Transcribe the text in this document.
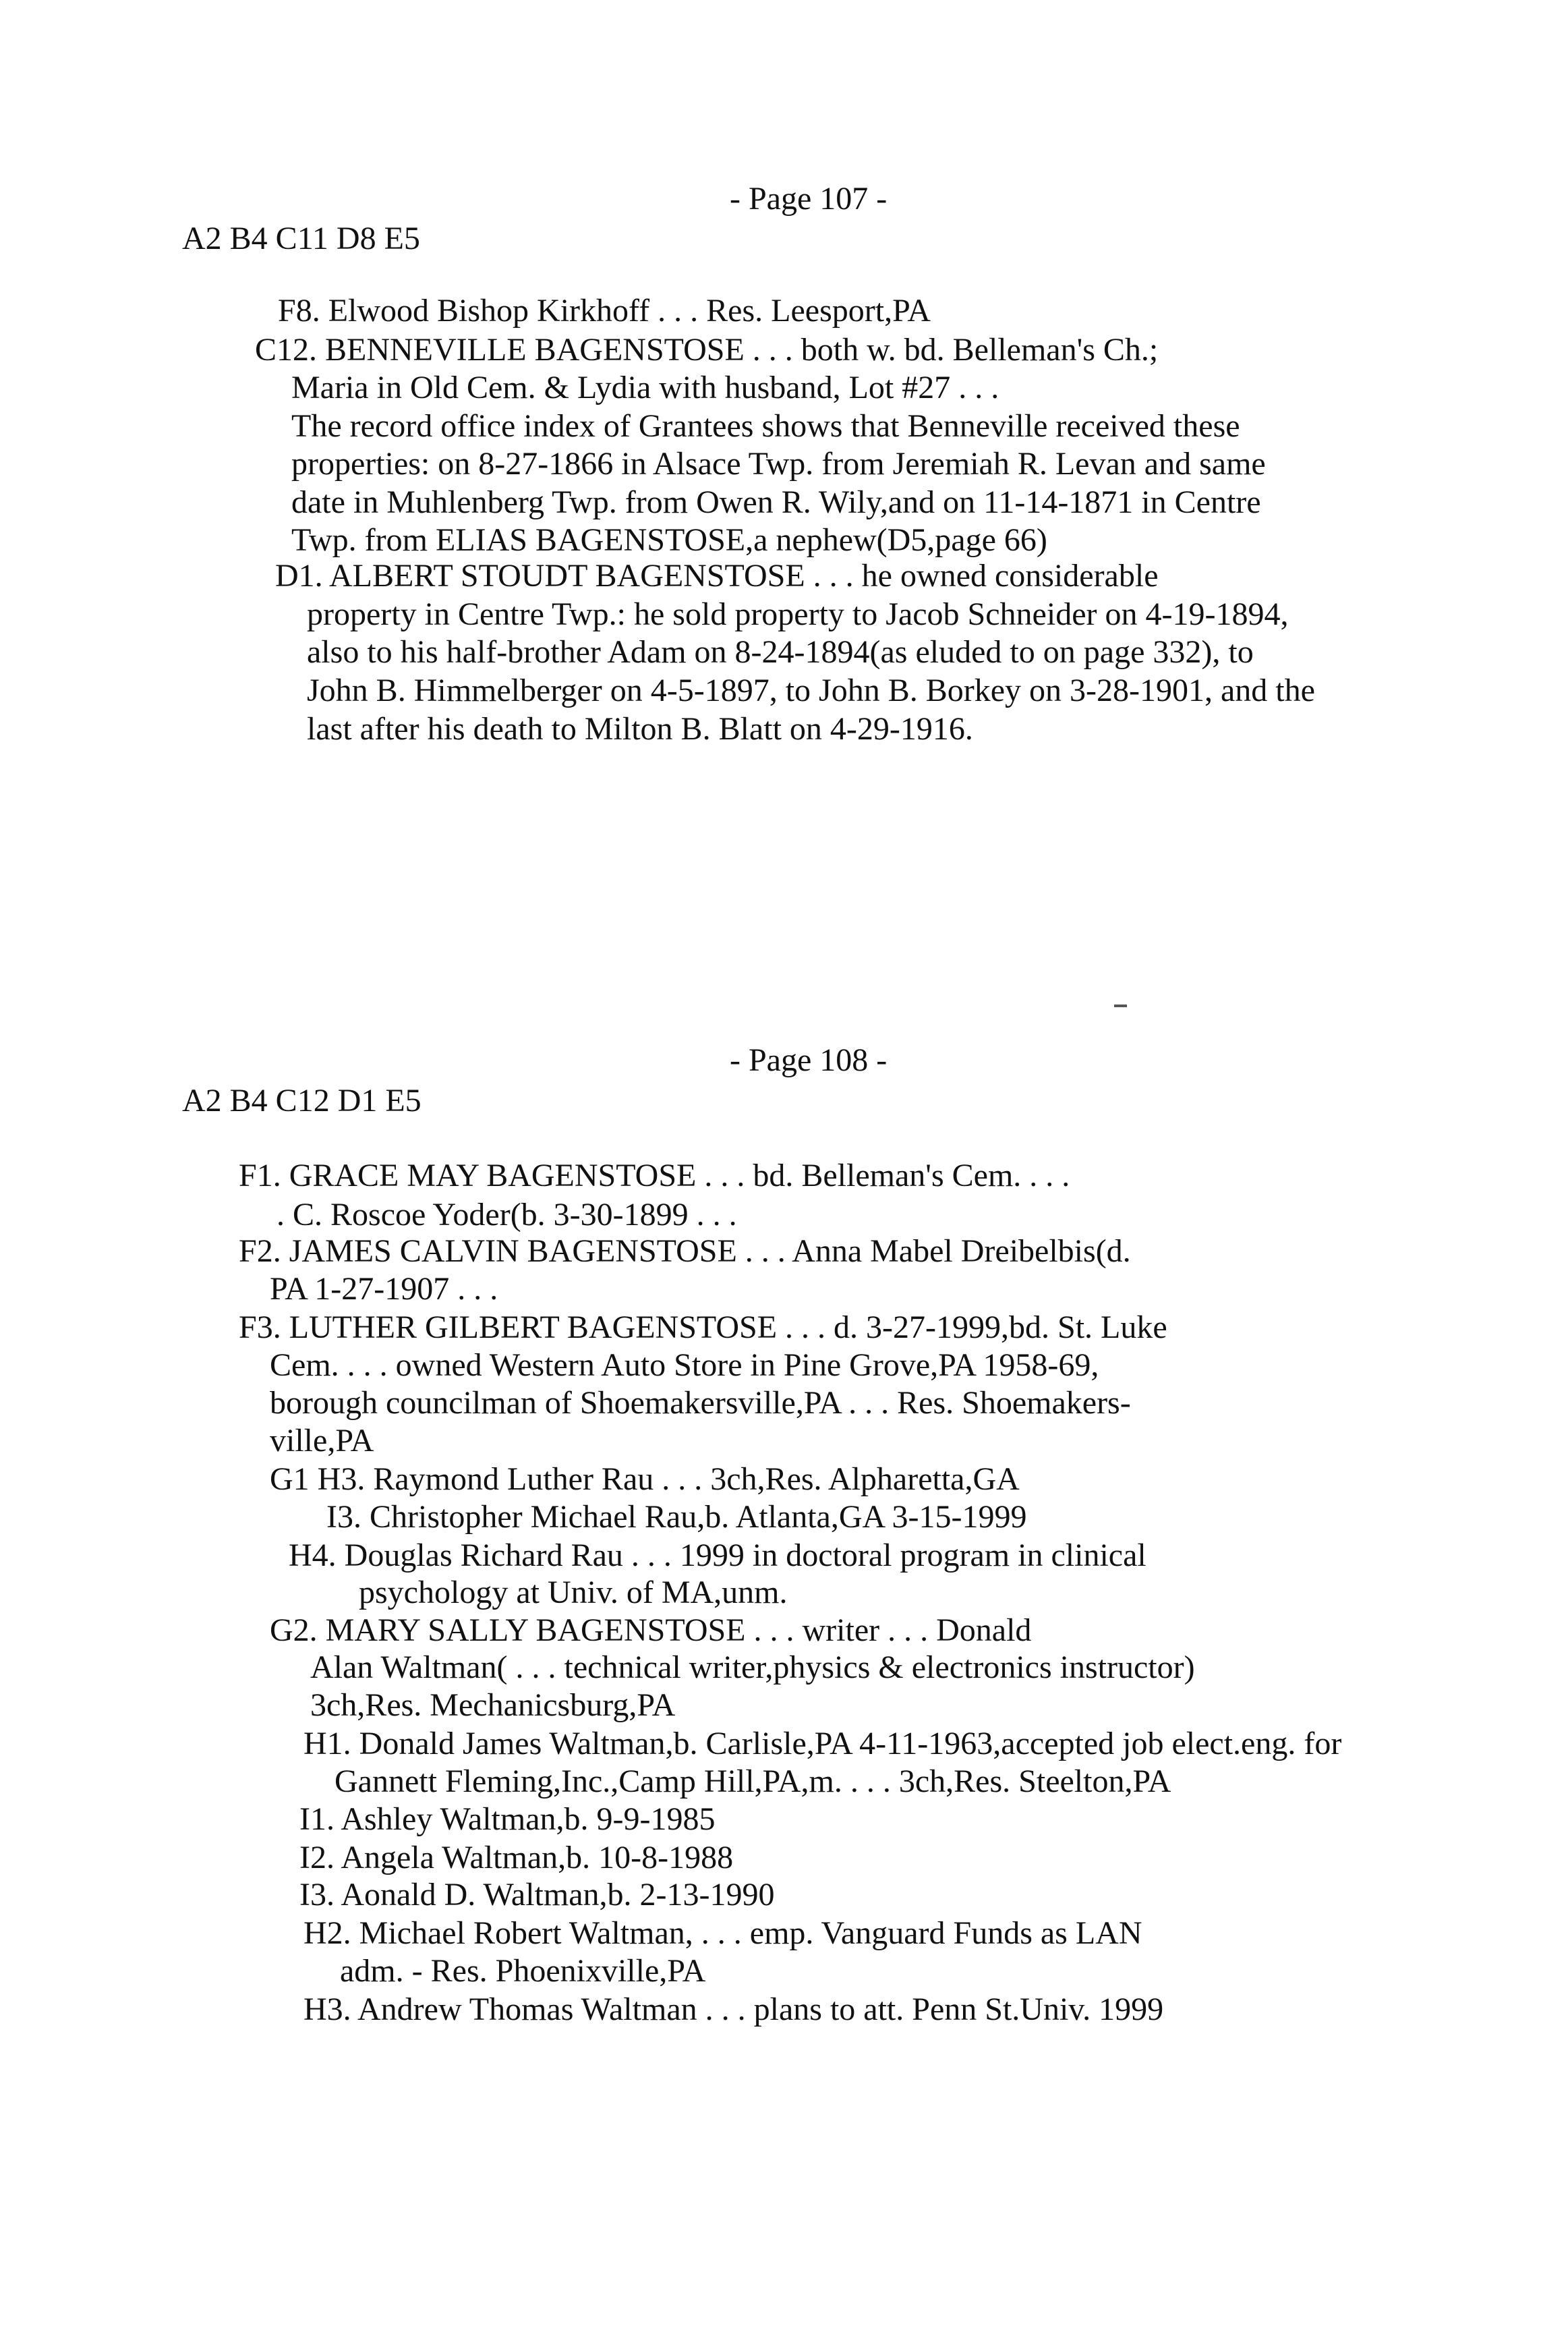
- Page 107 -
A2 B4 C11 D8 E5
F8. Elwood Bishop Kirkhoff . . . Res. Leesport,PA
C12. BENNEVILLE BAGENSTOSE . . . both w. bd. Belleman's Ch.;
Maria in Old Cem. & Lydia with husband, Lot #27 . . .
The record office index of Grantees shows that Benneville received these
properties: on 8-27-1866 in Alsace Twp. from Jeremiah R. Levan and same
date in Muhlenberg Twp. from Owen R. Wily,and on 11-14-1871 in Centre
Twp. from ELIAS BAGENSTOSE,a nephew(D5,page 66)
D1. ALBERT STOUDT BAGENSTOSE . . . he owned considerable
property in Centre Twp.: he sold property to Jacob Schneider on 4-19-1894,
also to his half-brother Adam on 8-24-1894(as eluded to on page 332), to
John B. Himmelberger on 4-5-1897, to John B. Borkey on 3-28-1901, and the
last after his death to Milton B. Blatt on 4-29-1916.
- Page 108 -
A2 B4 C12 D1 E5
F1. GRACE MAY BAGENSTOSE . . . bd. Belleman's Cem. . . .
. C. Roscoe Yoder(b. 3-30-1899 . . .
F2. JAMES CALVIN BAGENSTOSE . . . Anna Mabel Dreibelbis(d.
PA 1-27-1907 . . .
F3. LUTHER GILBERT BAGENSTOSE . . . d. 3-27-1999,bd. St. Luke
Cem. . . . owned Western Auto Store in Pine Grove,PA 1958-69,
borough councilman of Shoemakersville,PA . . . Res. Shoemakers-
ville,PA
G1 H3. Raymond Luther Rau . . . 3ch,Res. Alpharetta,GA
I3. Christopher Michael Rau,b. Atlanta,GA 3-15-1999
H4. Douglas Richard Rau . . . 1999 in doctoral program in clinical
psychology at Univ. of MA,unm.
G2. MARY SALLY BAGENSTOSE . . . writer . . . Donald
Alan Waltman( . . . technical writer,physics & electronics instructor)
3ch,Res. Mechanicsburg,PA
H1. Donald James Waltman,b. Carlisle,PA 4-11-1963,accepted job elect.eng. for
Gannett Fleming,Inc.,Camp Hill,PA,m. . . . 3ch,Res. Steelton,PA
I1. Ashley Waltman,b. 9-9-1985
I2. Angela Waltman,b. 10-8-1988
I3. Aonald D. Waltman,b. 2-13-1990
H2. Michael Robert Waltman, . . . emp. Vanguard Funds as LAN
adm. - Res. Phoenixville,PA
H3. Andrew Thomas Waltman . . . plans to att. Penn St.Univ. 1999
